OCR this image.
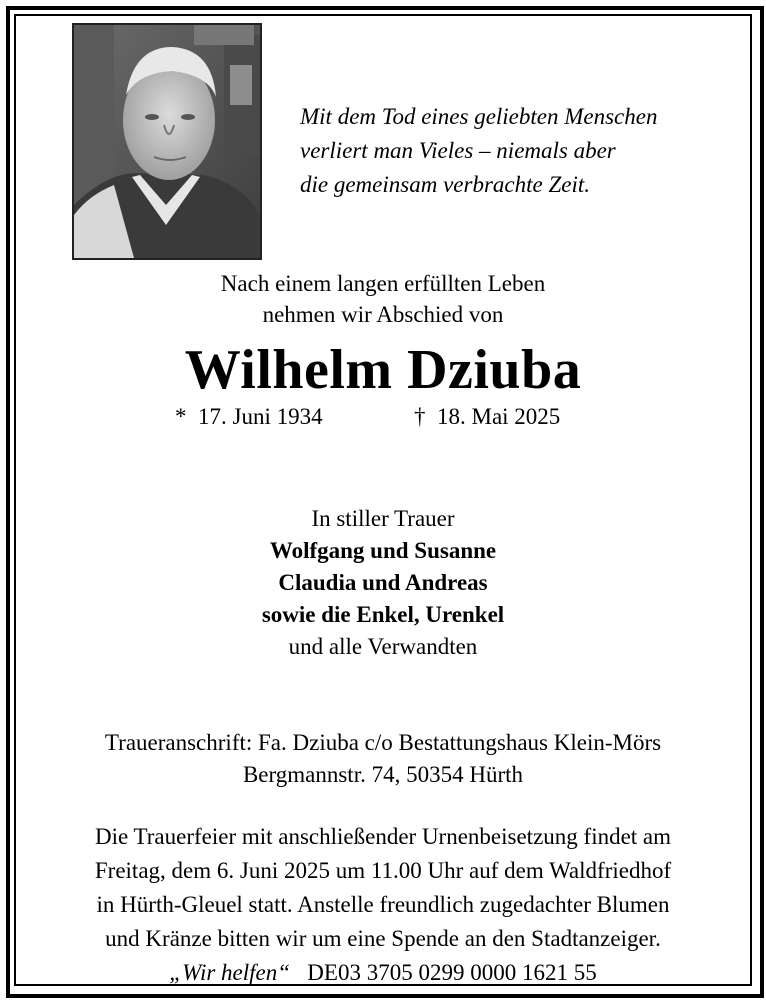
Mit dem Tod eines geliebten Menschen
verliert man Vieles – niemals aber
die gemeinsam verbrachte Zeit.
Nach einem langen erfüllten Leben
nehmen wir Abschied von
Wilhelm Dziuba
* 17. Juni 1934	† 18. Mai 2025
In stiller Trauer
Wolfgang und Susanne
Claudia und Andreas
sowie die Enkel, Urenkel
und alle Verwandten
Traueranschrift: Fa. Dziuba c/o Bestattungshaus Klein-Mörs
Bergmannstr. 74, 50354 Hürth
Die Trauerfeier mit anschließender Urnenbeisetzung findet am
Freitag, dem 6. Juni 2025 um 11.00 Uhr auf dem Waldfriedhof
in Hürth-Gleuel statt. Anstelle freundlich zugedachter Blumen
und Kränze bitten wir um eine Spende an den Stadtanzeiger.
„Wir helfen“ DE03 3705 0299 0000 1621 55
